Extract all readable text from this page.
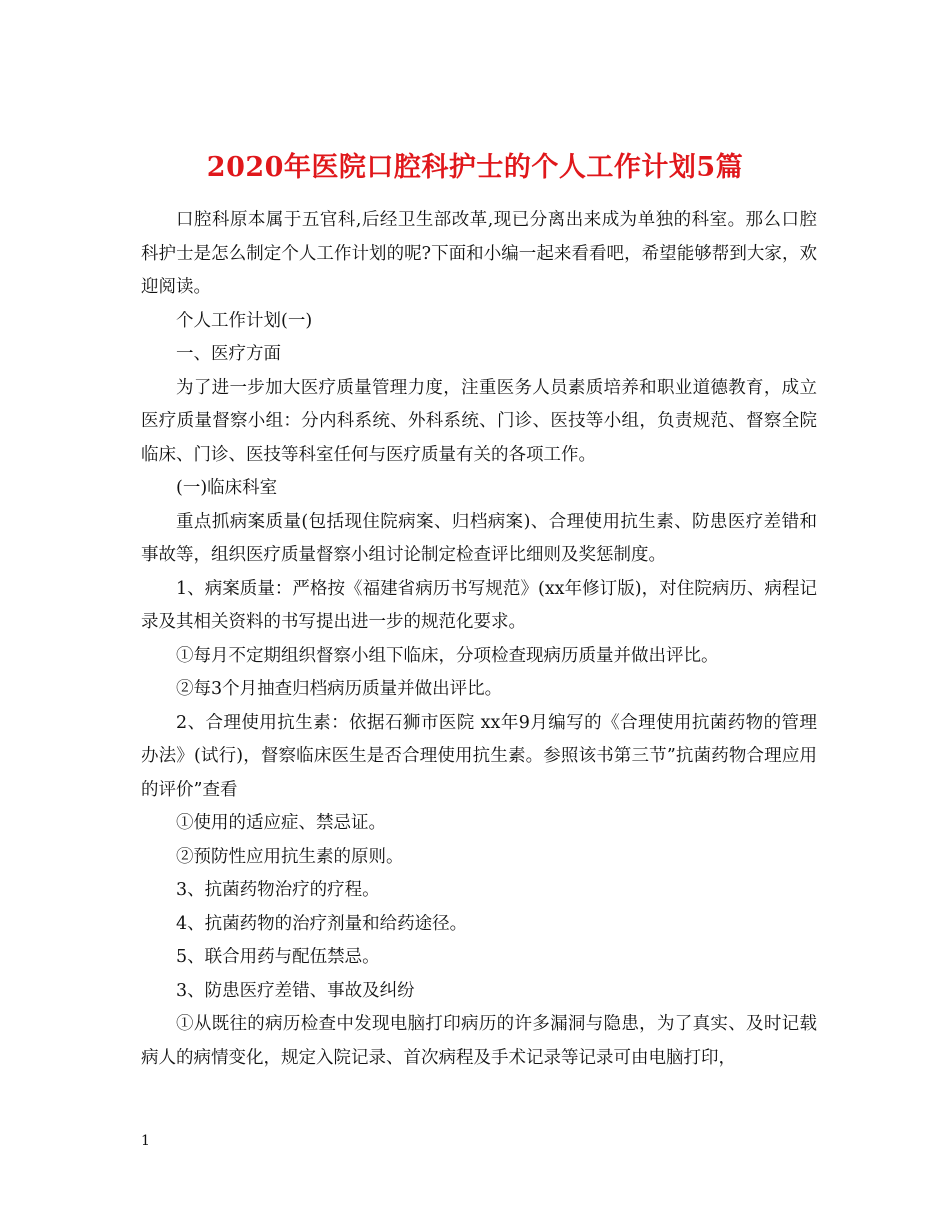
2020年医院口腔科护士的个人工作计划5篇

口腔科原本属于五官科,后经卫生部改革,现已分离出来成为单独的科室。那么口腔科护士是怎么制定个人工作计划的呢?下面和小编一起来看看吧，希望能够帮到大家，欢迎阅读。

个人工作计划(一)

一、医疗方面

为了进一步加大医疗质量管理力度，注重医务人员素质培养和职业道德教育，成立医疗质量督察小组：分内科系统、外科系统、门诊、医技等小组，负责规范、督察全院临床、门诊、医技等科室任何与医疗质量有关的各项工作。

(一)临床科室

重点抓病案质量(包括现住院病案、归档病案)、合理使用抗生素、防患医疗差错和事故等，组织医疗质量督察小组讨论制定检查评比细则及奖惩制度。

1、病案质量：严格按《福建省病历书写规范》(xx年修订版)，对住院病历、病程记录及其相关资料的书写提出进一步的规范化要求。

①每月不定期组织督察小组下临床，分项检查现病历质量并做出评比。

②每3个月抽查归档病历质量并做出评比。

2、合理使用抗生素：依据石狮市医院 xx年9月编写的《合理使用抗菌药物的管理办法》(试行)，督察临床医生是否合理使用抗生素。参照该书第三节”抗菌药物合理应用的评价”查看

①使用的适应症、禁忌证。

②预防性应用抗生素的原则。

3、抗菌药物治疗的疗程。

4、抗菌药物的治疗剂量和给药途径。

5、联合用药与配伍禁忌。

3、防患医疗差错、事故及纠纷

①从既往的病历检查中发现电脑打印病历的许多漏洞与隐患，为了真实、及时记载病人的病情变化，规定入院记录、首次病程及手术记录等记录可由电脑打印，

1
